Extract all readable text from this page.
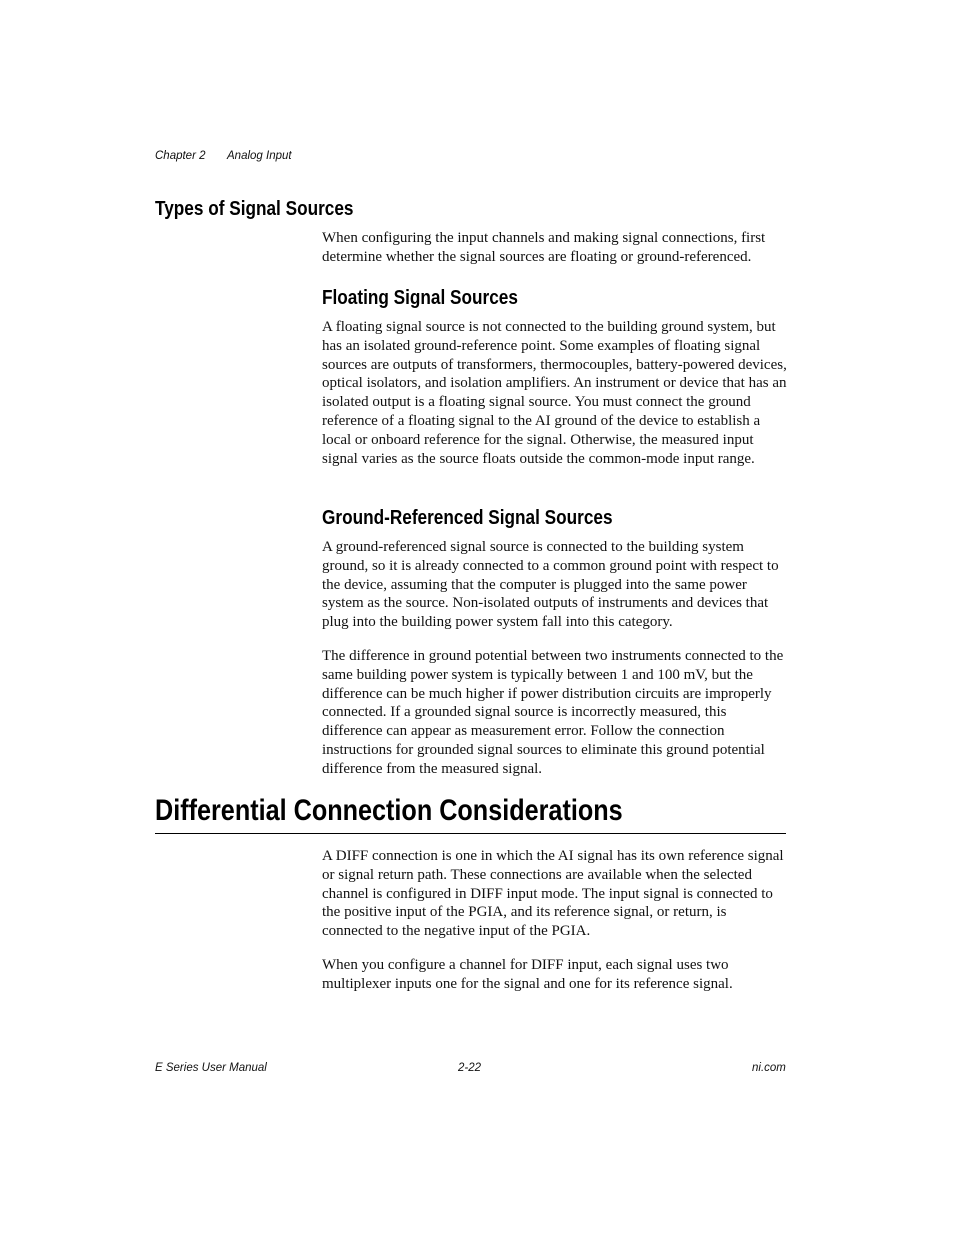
Chapter 2 Analog Input
Types of Signal Sources

When configuring the input channels and making signal connections, first determine whether the signal sources are floating or ground-referenced.

Floating Signal Sources

A floating signal source is not connected to the building ground system, but has an isolated ground-reference point. Some examples of floating signal sources are outputs of transformers, thermocouples, battery-powered devices, optical isolators, and isolation amplifiers. An instrument or device that has an isolated output is a floating signal source. You must connect the ground reference of a floating signal to the AI ground of the device to establish a local or onboard reference for the signal. Otherwise, the measured input signal varies as the source floats outside the common-mode input range.

Ground-Referenced Signal Sources

A ground-referenced signal source is connected to the building system ground, so it is already connected to a common ground point with respect to the device, assuming that the computer is plugged into the same power system as the source. Non-isolated outputs of instruments and devices that plug into the building power system fall into this category.

The difference in ground potential between two instruments connected to the same building power system is typically between 1 and 100 mV, but the difference can be much higher if power distribution circuits are improperly connected. If a grounded signal source is incorrectly measured, this difference can appear as measurement error. Follow the connection instructions for grounded signal sources to eliminate this ground potential difference from the measured signal.

Differential Connection Considerations

A DIFF connection is one in which the AI signal has its own reference signal or signal return path. These connections are available when the selected channel is configured in DIFF input mode. The input signal is connected to the positive input of the PGIA, and its reference signal, or return, is connected to the negative input of the PGIA.

When you configure a channel for DIFF input, each signal uses two multiplexer inputs one for the signal and one for its reference signal.

E Series User Manual	2-22	ni.com
